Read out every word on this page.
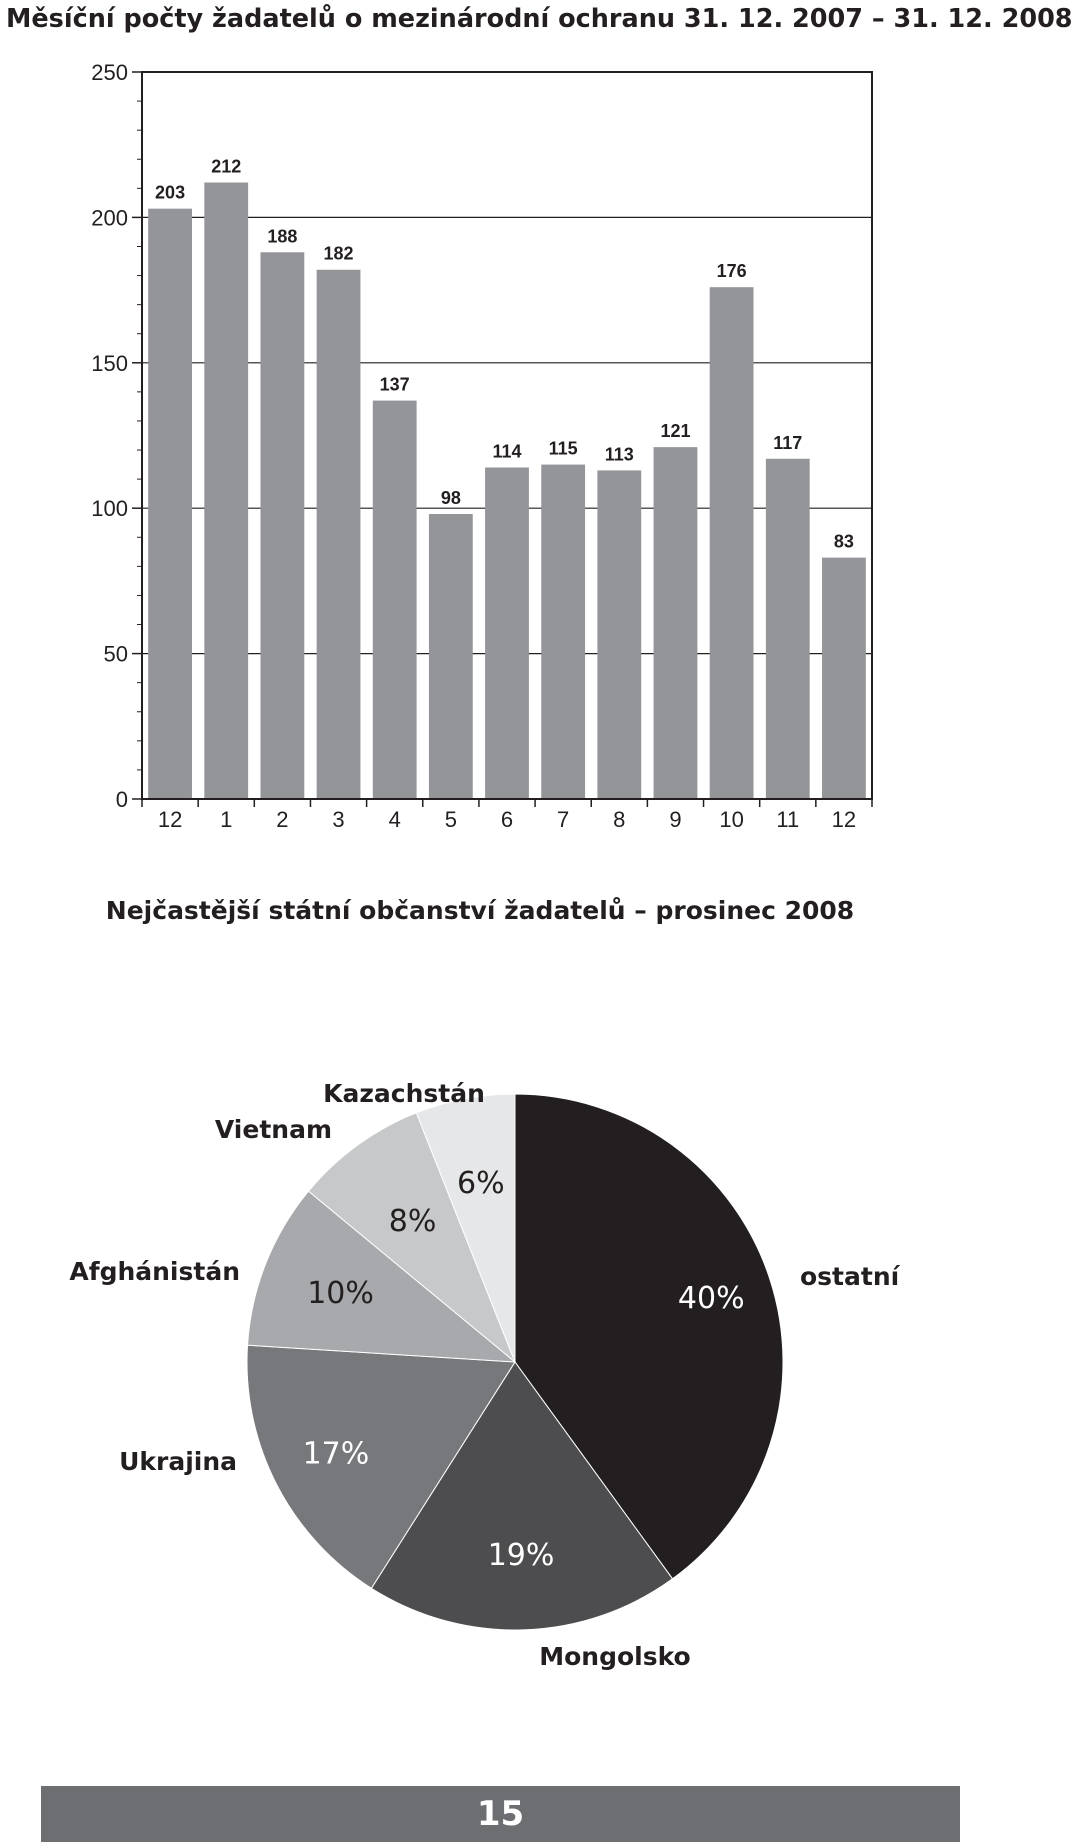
Měsíční počty žadatelů o mezinárodní ochranu 31. 12. 2007 – 31. 12. 2008
0
50
100
150
200
250
203
12
212
1
188
2
182
3
137
4
98
5
114
6
115
7
113
8
121
9
176
10
117
11
83
12
Nejčastější státní občanství žadatelů – prosinec 2008
40%
ostatní
19%
Mongolsko
17%
Ukrajina
10%
Afghánistán
8%
Vietnam
6%
Kazachstán
15
